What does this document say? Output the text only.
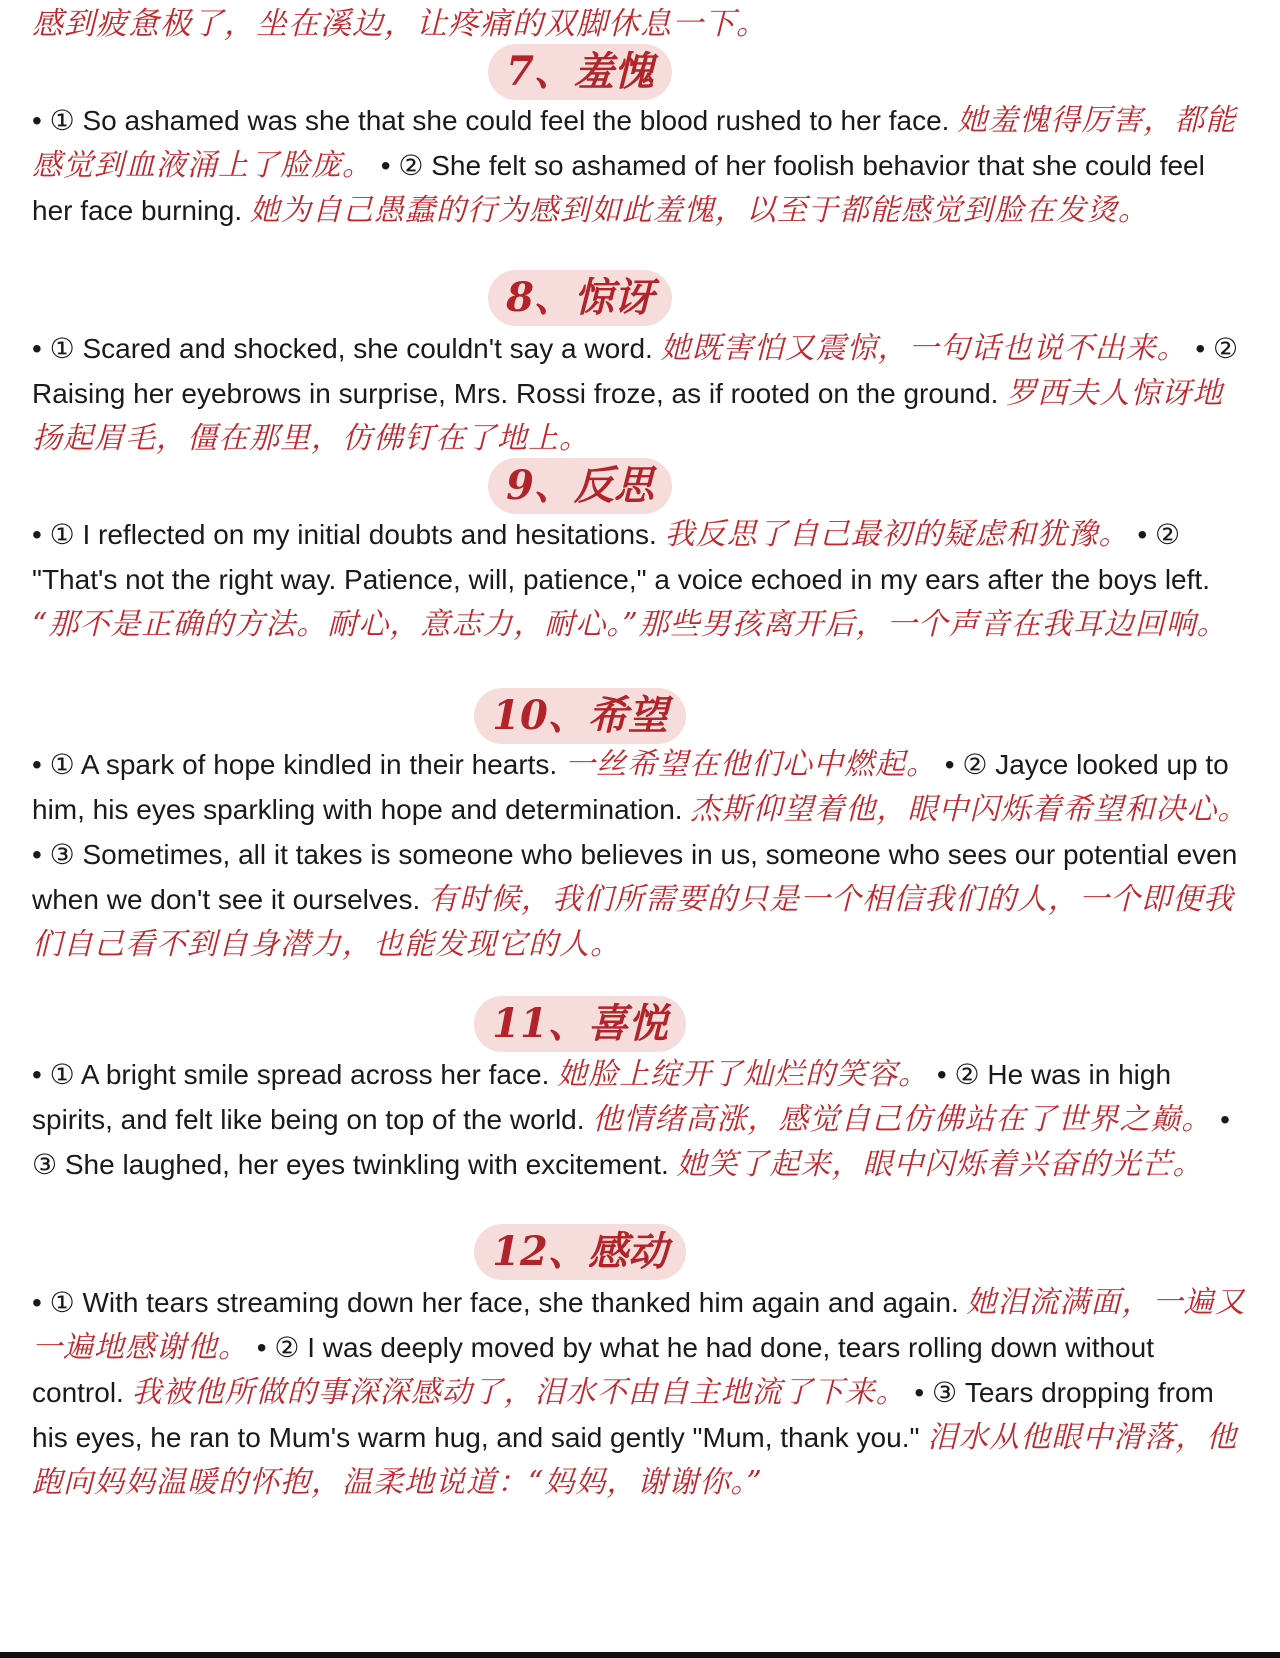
感到疲惫极了，坐在溪边，让疼痛的双脚休息一下。
7、羞愧
• ① So ashamed was she that she could feel the blood rushed to her face. 她羞愧得厉害，都能感觉到血液涌上了脸庞。 • ② She felt so ashamed of her foolish behavior that she could feel her face burning. 她为自己愚蠢的行为感到如此羞愧，以至于都能感觉到脸在发烫。
8、惊讶
• ① Scared and shocked, she couldn't say a word. 她既害怕又震惊，一句话也说不出来。 • ② Raising her eyebrows in surprise, Mrs. Rossi froze, as if rooted on the ground. 罗西夫人惊讶地扬起眉毛，僵在那里，仿佛钉在了地上。
9、反思
• ① I reflected on my initial doubts and hesitations. 我反思了自己最初的疑虑和犹豫。 • ② "That's not the right way. Patience, will, patience," a voice echoed in my ears after the boys left. “那不是正确的方法。耐心，意志力，耐心。”那些男孩离开后，一个声音在我耳边回响。
10、希望
• ① A spark of hope kindled in their hearts. 一丝希望在他们心中燃起。 • ② Jayce looked up to him, his eyes sparkling with hope and determination. 杰斯仰望着他，眼中闪烁着希望和决心。 • ③ Sometimes, all it takes is someone who believes in us, someone who sees our potential even when we don't see it ourselves. 有时候，我们所需要的只是一个相信我们的人，一个即便我们自己看不到自身潜力，也能发现它的人。
11、喜悦
• ① A bright smile spread across her face. 她脸上绽开了灿烂的笑容。 • ② He was in high spirits, and felt like being on top of the world. 他情绪高涨，感觉自己仿佛站在了世界之巅。 • ③ She laughed, her eyes twinkling with excitement. 她笑了起来，眼中闪烁着兴奋的光芒。
12、感动
• ① With tears streaming down her face, she thanked him again and again. 她泪流满面，一遍又一遍地感谢他。 • ② I was deeply moved by what he had done, tears rolling down without control. 我被他所做的事深深感动了，泪水不由自主地流了下来。 • ③ Tears dropping from his eyes, he ran to Mum's warm hug, and said gently "Mum, thank you." 泪水从他眼中滑落，他跑向妈妈温暖的怀抱，温柔地说道：“妈妈，谢谢你。”
